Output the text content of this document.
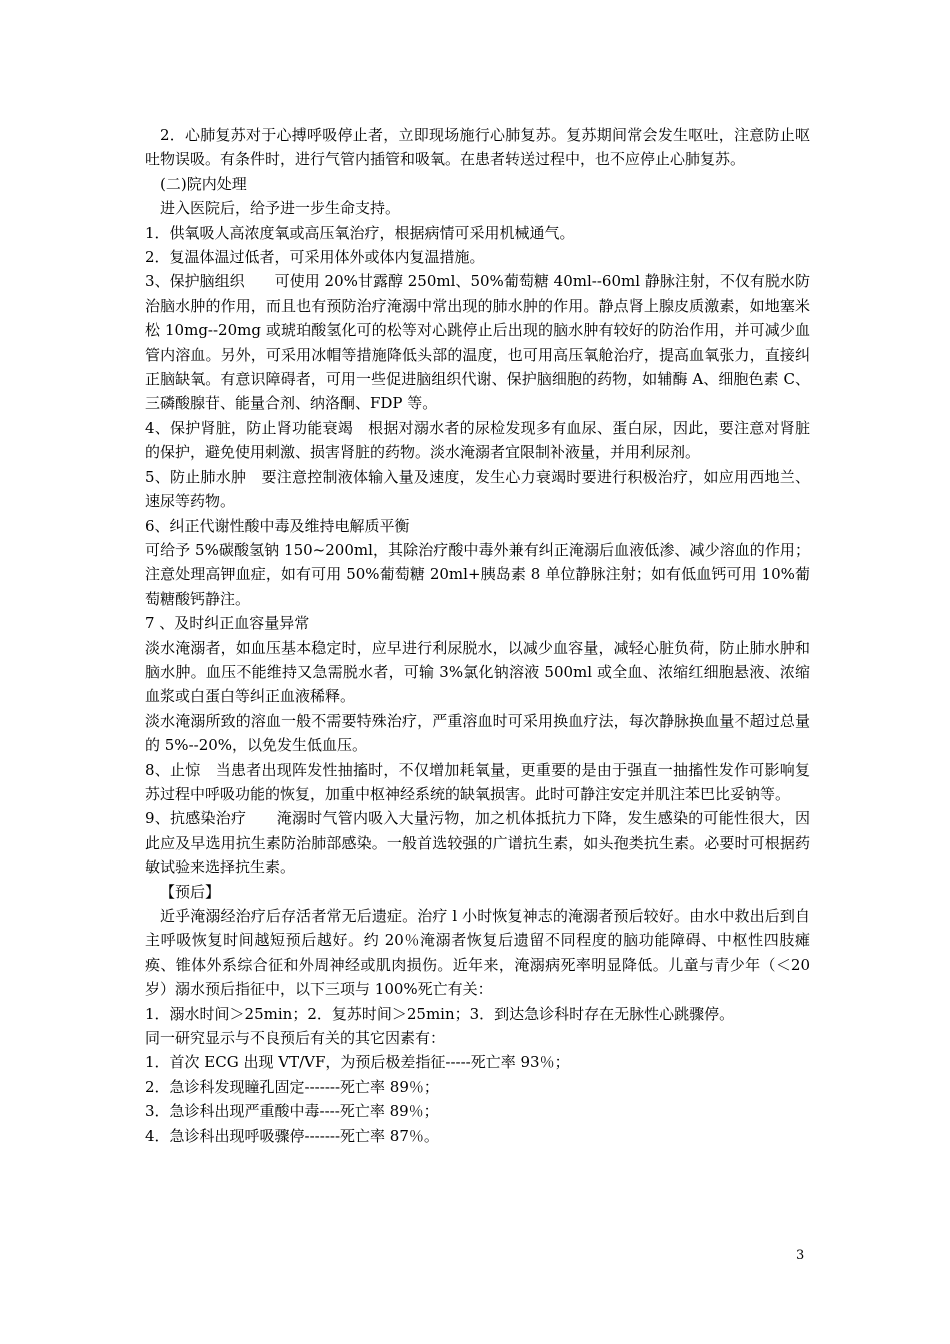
2．心肺复苏对于心搏呼吸停止者，立即现场施行心肺复苏。复苏期间常会发生呕吐，注意防止呕吐物误吸。有条件时，进行气管内插管和吸氧。在患者转送过程中，也不应停止心肺复苏。

(二)院内处理

进入医院后，给予进一步生命支持。

1．供氧吸人高浓度氧或高压氧治疗，根据病情可采用机械通气。

2．复温体温过低者，可采用体外或体内复温措施。

3、保护脑组织　　可使用 20%甘露醇 250ml、50%葡萄糖 40ml--60ml 静脉注射，不仅有脱水防治脑水肿的作用，而且也有预防治疗淹溺中常出现的肺水肿的作用。静点肾上腺皮质激素，如地塞米松 10mg--20mg 或琥珀酸氢化可的松等对心跳停止后出现的脑水肿有较好的防治作用，并可减少血管内溶血。另外，可采用冰帽等措施降低头部的温度，也可用高压氧舱治疗，提高血氧张力，直接纠正脑缺氧。有意识障碍者，可用一些促进脑组织代谢、保护脑细胞的药物，如辅酶 A、细胞色素 C、三磷酸腺苷、能量合剂、纳洛酮、FDP 等。

4、保护肾脏，防止肾功能衰竭　根据对溺水者的尿检发现多有血尿、蛋白尿，因此，要注意对肾脏的保护，避免使用刺激、损害肾脏的药物。淡水淹溺者宜限制补液量，并用利尿剂。

5、防止肺水肿　要注意控制液体输入量及速度，发生心力衰竭时要进行积极治疗，如应用西地兰、速尿等药物。

6、纠正代谢性酸中毒及维持电解质平衡

可给予 5%碳酸氢钠 150~200ml，其除治疗酸中毒外兼有纠正淹溺后血液低渗、减少溶血的作用；注意处理高钾血症，如有可用 50%葡萄糖 20ml+胰岛素 8 单位静脉注射；如有低血钙可用 10%葡萄糖酸钙静注。

7 、及时纠正血容量异常

淡水淹溺者，如血压基本稳定时，应早进行利尿脱水，以减少血容量，减轻心脏负荷，防止肺水肿和脑水肿。血压不能维持又急需脱水者，可输 3%氯化钠溶液 500ml 或全血、浓缩红细胞悬液、浓缩血浆或白蛋白等纠正血液稀释。

淡水淹溺所致的溶血一般不需要特殊治疗，严重溶血时可采用换血疗法，每次静脉换血量不超过总量的 5%--20%，以免发生低血压。

8、止惊　当患者出现阵发性抽搐时，不仅增加耗氧量，更重要的是由于强直一抽搐性发作可影响复苏过程中呼吸功能的恢复，加重中枢神经系统的缺氧损害。此时可静注安定并肌注苯巴比妥钠等。

9、抗感染治疗　　淹溺时气管内吸入大量污物，加之机体抵抗力下降，发生感染的可能性很大，因此应及早选用抗生素防治肺部感染。一般首选较强的广谱抗生素，如头孢类抗生素。必要时可根据药敏试验来选择抗生素。

【预后】

近乎淹溺经治疗后存活者常无后遗症。治疗 l 小时恢复神志的淹溺者预后较好。由水中救出后到自主呼吸恢复时间越短预后越好。约 20％淹溺者恢复后遗留不同程度的脑功能障碍、中枢性四肢瘫痪、锥体外系综合征和外周神经或肌肉损伤。近年来，淹溺病死率明显降低。儿童与青少年（＜20 岁）溺水预后指征中，以下三项与 100%死亡有关：

1．溺水时间＞25min；2．复苏时间＞25min；3．到达急诊科时存在无脉性心跳骤停。

同一研究显示与不良预后有关的其它因素有：

1．首次 ECG 出现 VT/VF，为预后极差指征-----死亡率 93％；

2．急诊科发现瞳孔固定-------死亡率 89％；

3．急诊科出现严重酸中毒----死亡率 89％；

4．急诊科出现呼吸骤停-------死亡率 87％。

3
